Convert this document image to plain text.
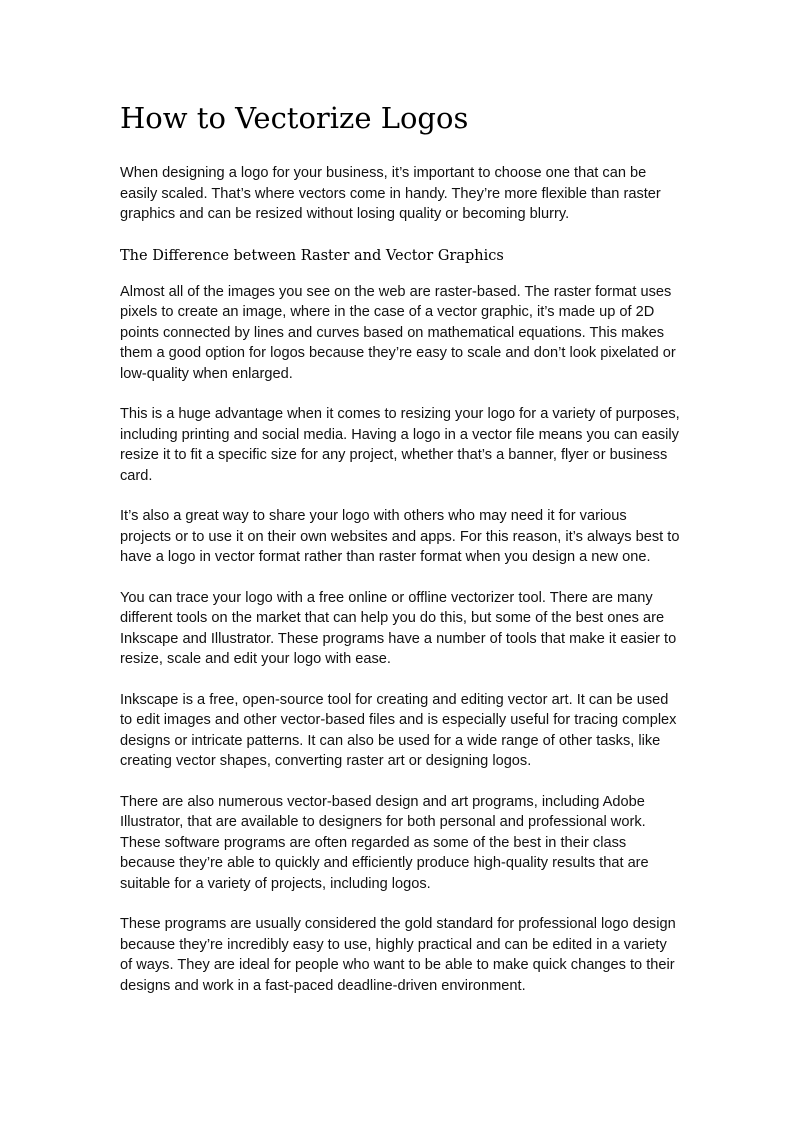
How to Vectorize Logos

When designing a logo for your business, it’s important to choose one that can be easily scaled. That’s where vectors come in handy. They’re more flexible than raster graphics and can be resized without losing quality or becoming blurry.

The Difference between Raster and Vector Graphics

Almost all of the images you see on the web are raster-based. The raster format uses pixels to create an image, where in the case of a vector graphic, it’s made up of 2D points connected by lines and curves based on mathematical equations. This makes them a good option for logos because they’re easy to scale and don’t look pixelated or low-quality when enlarged.

This is a huge advantage when it comes to resizing your logo for a variety of purposes, including printing and social media. Having a logo in a vector file means you can easily resize it to fit a specific size for any project, whether that’s a banner, flyer or business card.

It’s also a great way to share your logo with others who may need it for various projects or to use it on their own websites and apps. For this reason, it’s always best to have a logo in vector format rather than raster format when you design a new one.

You can trace your logo with a free online or offline vectorizer tool. There are many different tools on the market that can help you do this, but some of the best ones are Inkscape and Illustrator. These programs have a number of tools that make it easier to resize, scale and edit your logo with ease.

Inkscape is a free, open-source tool for creating and editing vector art. It can be used to edit images and other vector-based files and is especially useful for tracing complex designs or intricate patterns. It can also be used for a wide range of other tasks, like creating vector shapes, converting raster art or designing logos.

There are also numerous vector-based design and art programs, including Adobe Illustrator, that are available to designers for both personal and professional work. These software programs are often regarded as some of the best in their class because they’re able to quickly and efficiently produce high-quality results that are suitable for a variety of projects, including logos.

These programs are usually considered the gold standard for professional logo design because they’re incredibly easy to use, highly practical and can be edited in a variety of ways. They are ideal for people who want to be able to make quick changes to their designs and work in a fast-paced deadline-driven environment.
